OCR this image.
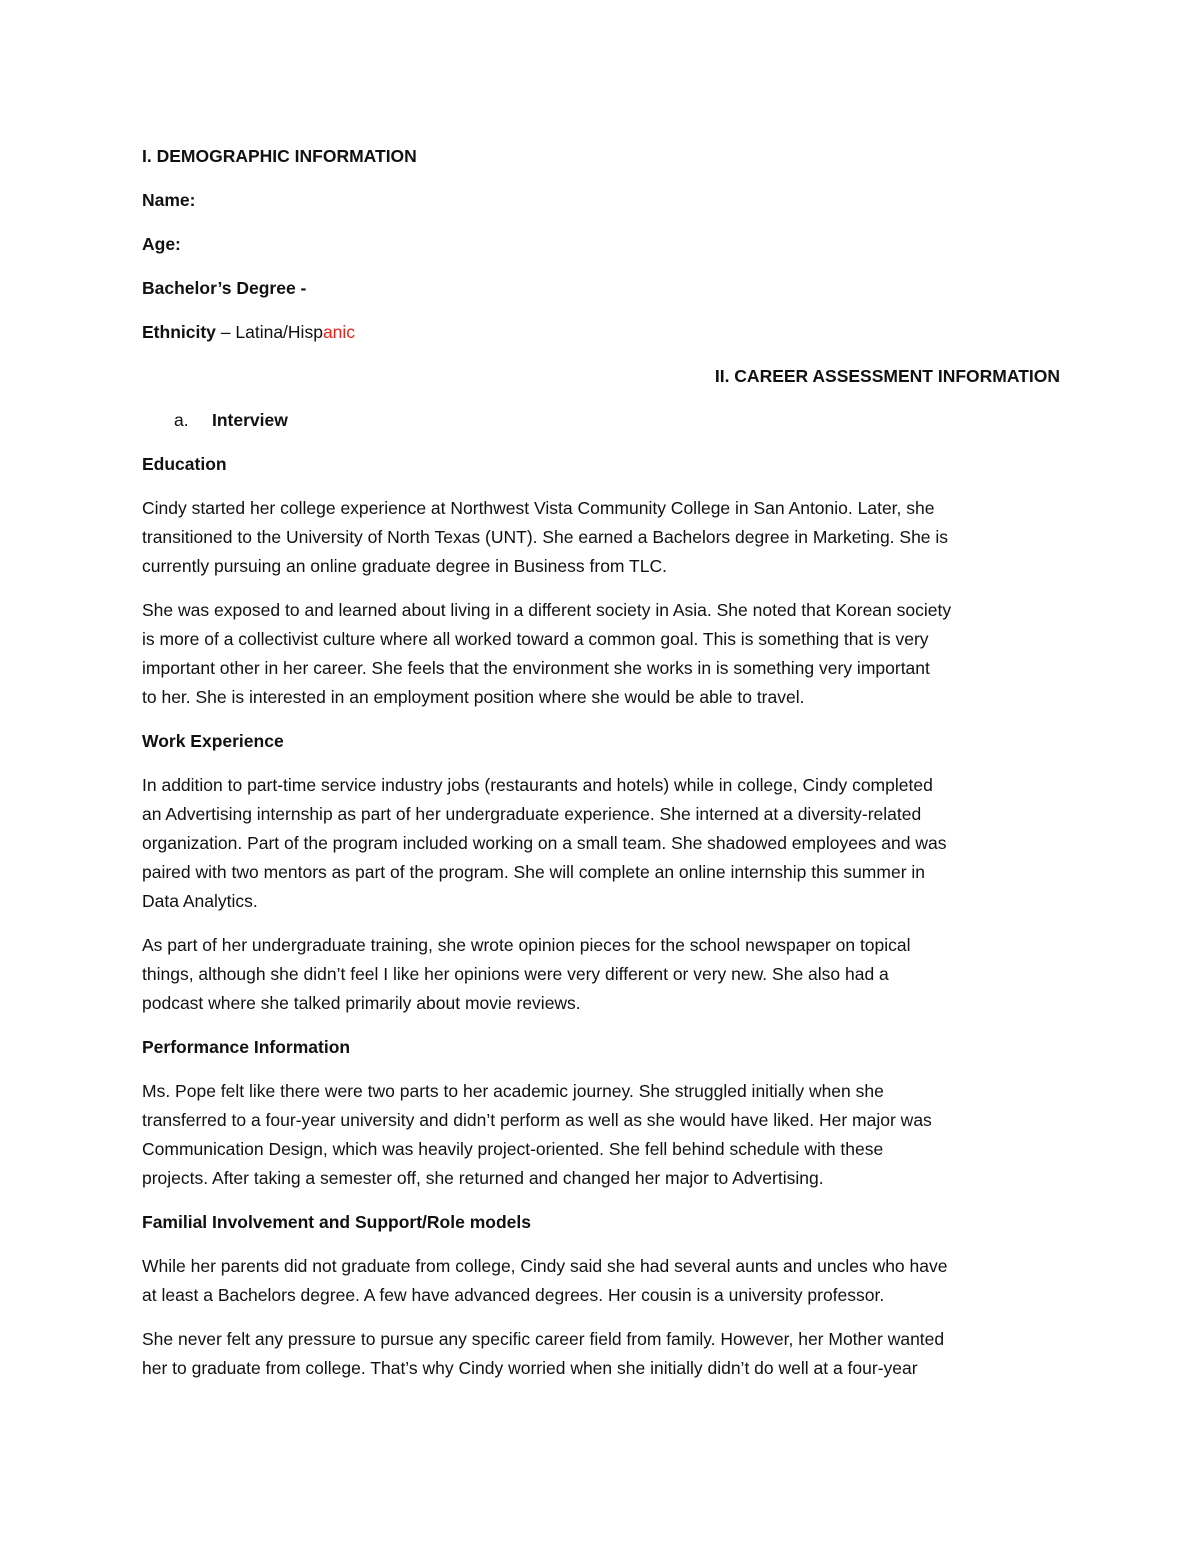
I. DEMOGRAPHIC INFORMATION

Name:

Age:

Bachelor’s Degree -

Ethnicity – Latina/Hispanic

II. CAREER ASSESSMENT INFORMATION

a. Interview

Education

Cindy started her college experience at Northwest Vista Community College in San Antonio. Later, she
transitioned to the University of North Texas (UNT). She earned a Bachelors degree in Marketing. She is
currently pursuing an online graduate degree in Business from TLC.
She was exposed to and learned about living in a different society in Asia. She noted that Korean society
is more of a collectivist culture where all worked toward a common goal. This is something that is very
important other in her career. She feels that the environment she works in is something very important
to her. She is interested in an employment position where she would be able to travel.

Work Experience

In addition to part-time service industry jobs (restaurants and hotels) while in college, Cindy completed
an Advertising internship as part of her undergraduate experience. She interned at a diversity-related
organization. Part of the program included working on a small team. She shadowed employees and was
paired with two mentors as part of the program. She will complete an online internship this summer in
Data Analytics.
As part of her undergraduate training, she wrote opinion pieces for the school newspaper on topical
things, although she didn’t feel I like her opinions were very different or very new. She also had a
podcast where she talked primarily about movie reviews.

Performance Information

Ms. Pope felt like there were two parts to her academic journey. She struggled initially when she
transferred to a four-year university and didn’t perform as well as she would have liked. Her major was
Communication Design, which was heavily project-oriented. She fell behind schedule with these
projects. After taking a semester off, she returned and changed her major to Advertising.

Familial Involvement and Support/Role models

While her parents did not graduate from college, Cindy said she had several aunts and uncles who have
at least a Bachelors degree. A few have advanced degrees. Her cousin is a university professor.
She never felt any pressure to pursue any specific career field from family. However, her Mother wanted
her to graduate from college. That’s why Cindy worried when she initially didn’t do well at a four-year
